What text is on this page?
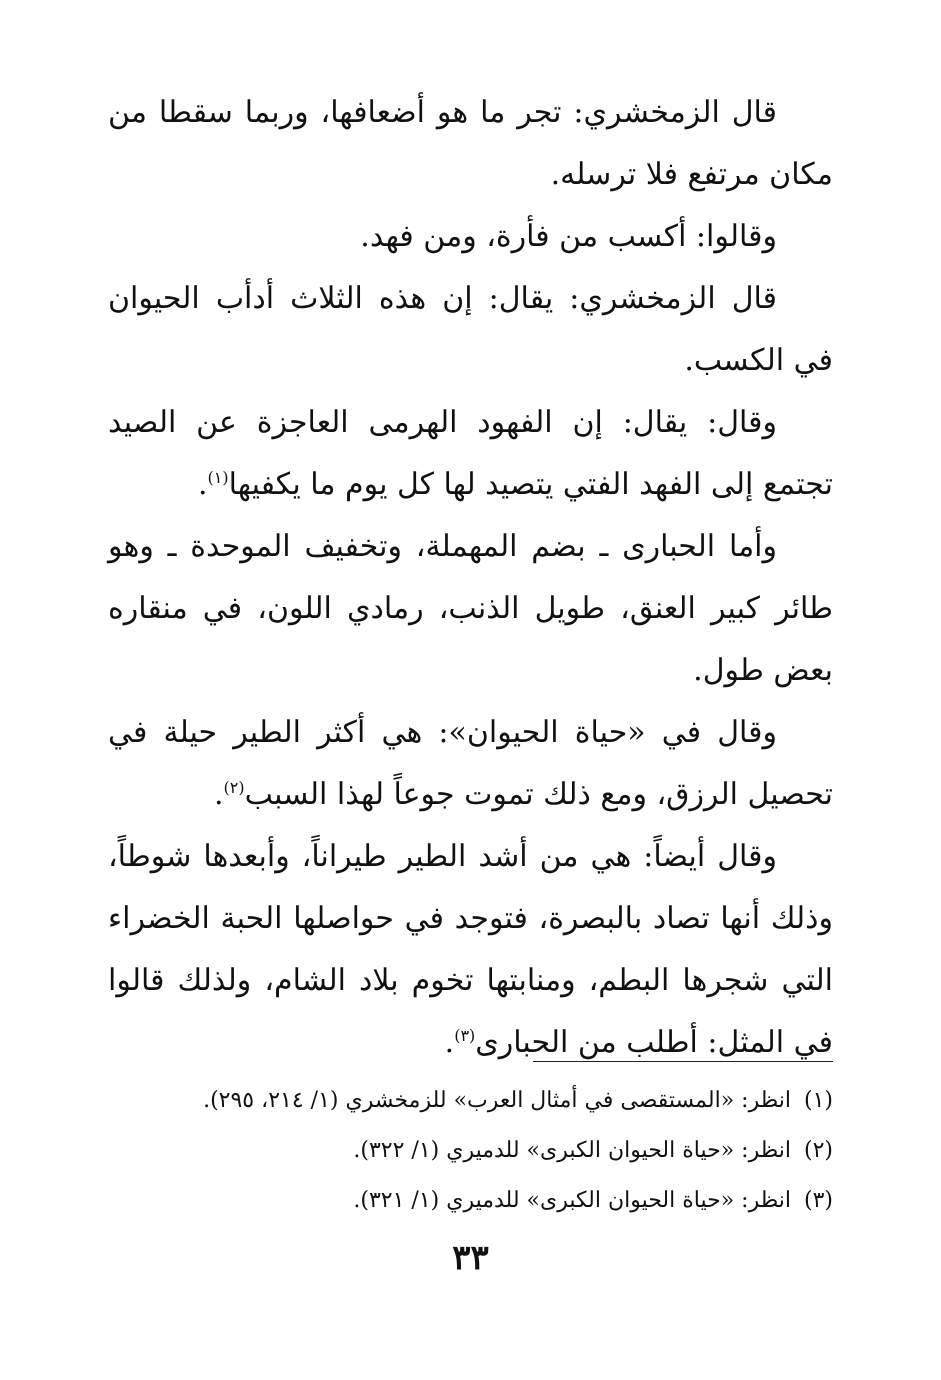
قال الزمخشري: تجر ما هو أضعافها، وربما سقطا من مكان مرتفع فلا ترسله.

وقالوا: أكسب من فأرة، ومن فهد.

قال الزمخشري: يقال: إن هذه الثلاث أدأب الحيوان في الكسب.

وقال: يقال: إن الفهود الهرمى العاجزة عن الصيد تجتمع إلى الفهد الفتي يتصيد لها كل يوم ما يكفيها$^{(١)}$.

وأما الحبارى ـ بضم المهملة، وتخفيف الموحدة ـ وهو طائر كبير العنق، طويل الذنب، رمادي اللون، في منقاره بعض طول.

وقال في «حياة الحيوان»: هي أكثر الطير حيلة في تحصيل الرزق، ومع ذلك تموت جوعاً لهذا السبب$^{(٢)}$.

وقال أيضاً: هي من أشد الطير طيراناً، وأبعدها شوطاً، وذلك أنها تصاد بالبصرة، فتوجد في حواصلها الحبة الخضراء التي شجرها البطم، ومنابتها تخوم بلاد الشام، ولذلك قالوا في المثل: أطلب من الحبارى$^{(٣)}$.

(١)انظر: «المستقصى في أمثال العرب» للزمخشري (١/ ٢١٤، ٢٩٥).
(٢)انظر: «حياة الحيوان الكبرى» للدميري (١/ ٣٢٢).
(٣)انظر: «حياة الحيوان الكبرى» للدميري (١/ ٣٢١).
٣٣
